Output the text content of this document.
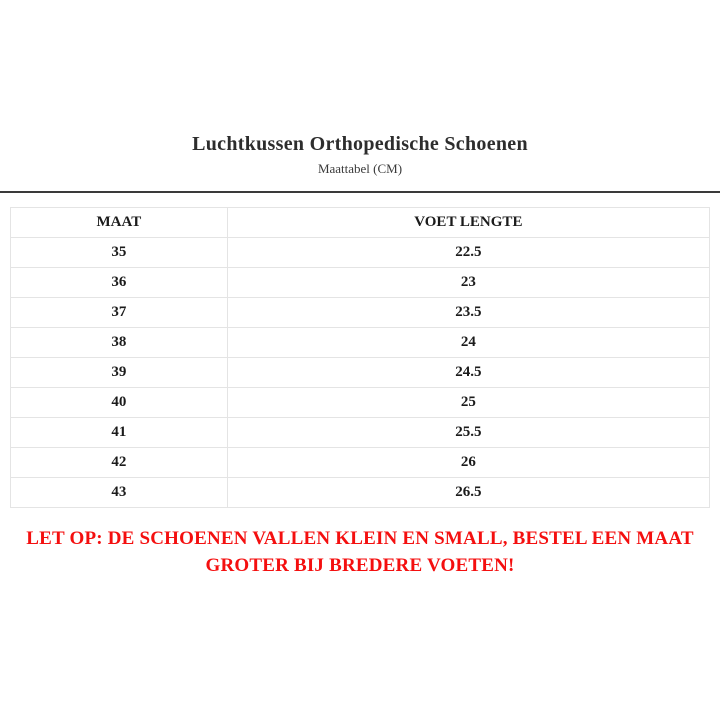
Luchtkussen Orthopedische Schoenen
Maattabel (CM)
MAAT	VOET LENGTE
35	22.5
36	23
37	23.5
38	24
39	24.5
40	25
41	25.5
42	26
43	26.5
LET OP: DE SCHOENEN VALLEN KLEIN EN SMALL, BESTEL EEN MAAT
GROTER BIJ BREDERE VOETEN!
